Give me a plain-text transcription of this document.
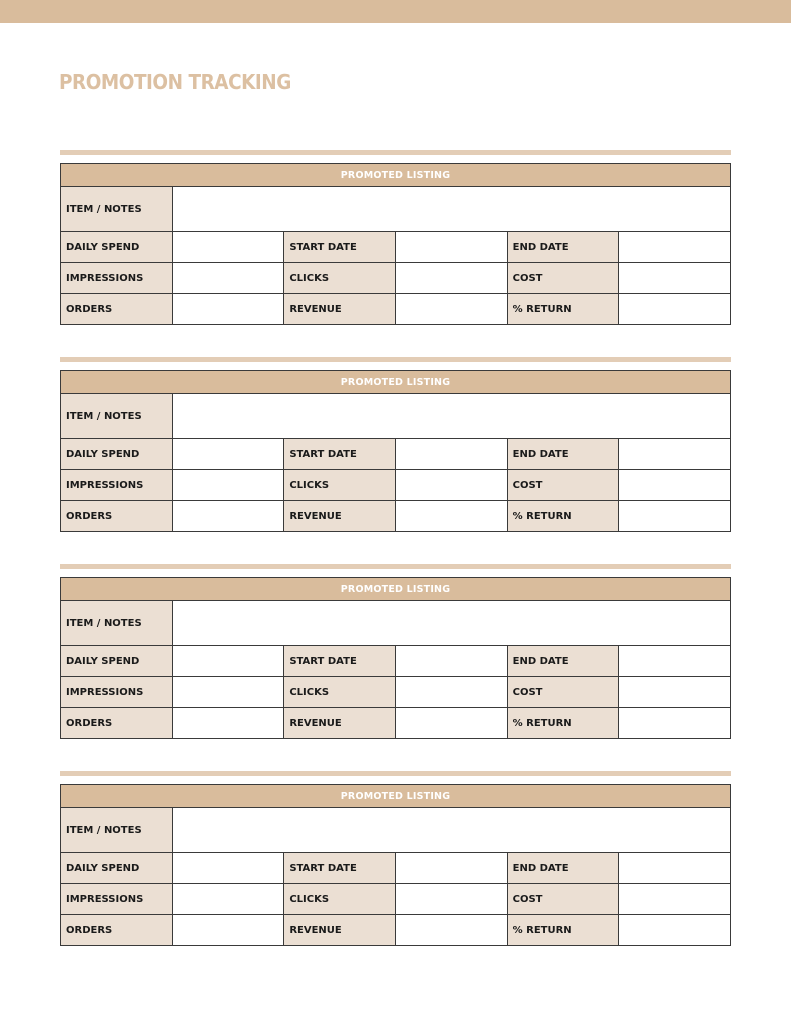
PROMOTION TRACKING
PROMOTED LISTING					
ITEM / NOTES					
DAILY SPEND		START DATE		END DATE	
IMPRESSIONS		CLICKS		COST	
ORDERS		REVENUE		% RETURN	
PROMOTED LISTING					
ITEM / NOTES					
DAILY SPEND		START DATE		END DATE	
IMPRESSIONS		CLICKS		COST	
ORDERS		REVENUE		% RETURN	
PROMOTED LISTING					
ITEM / NOTES					
DAILY SPEND		START DATE		END DATE	
IMPRESSIONS		CLICKS		COST	
ORDERS		REVENUE		% RETURN	
PROMOTED LISTING					
ITEM / NOTES					
DAILY SPEND		START DATE		END DATE	
IMPRESSIONS		CLICKS		COST	
ORDERS		REVENUE		% RETURN	
